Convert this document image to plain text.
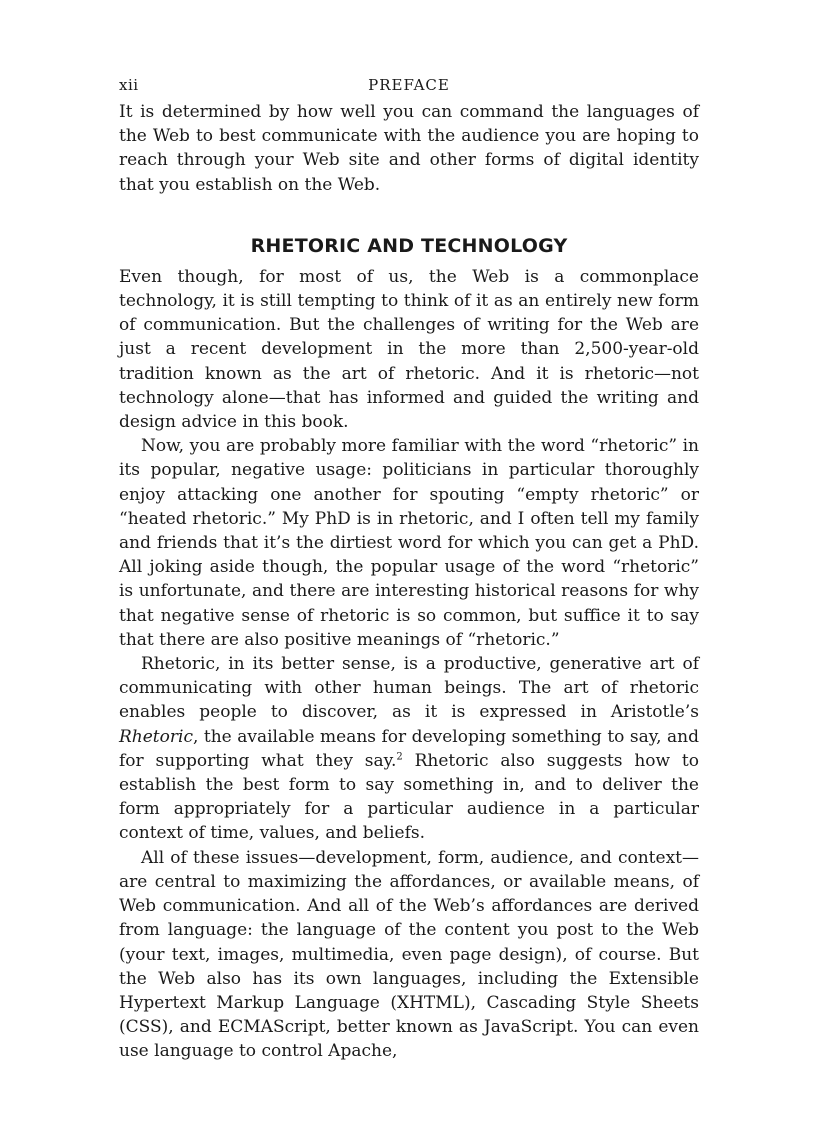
xii	PREFACE

It is determined by how well you can command the languages of the Web to best communicate with the audience you are hoping to reach through your Web site and other forms of digital identity that you establish on the Web.

RHETORIC AND TECHNOLOGY

Even though, for most of us, the Web is a commonplace technology, it is still tempting to think of it as an entirely new form of communication. But the challenges of writing for the Web are just a recent development in the more than 2,500-year-old tradition known as the art of rhetoric. And it is rhetoric—not technology alone—that has informed and guided the writing and design advice in this book.

Now, you are probably more familiar with the word “rhetoric” in its popular, negative usage: politicians in particular thoroughly enjoy attacking one another for spouting “empty rhetoric” or “heated rhetoric.” My PhD is in rhetoric, and I often tell my family and friends that it’s the dirtiest word for which you can get a PhD. All joking aside though, the popular usage of the word “rhetoric” is unfortunate, and there are interesting historical reasons for why that negative sense of rhetoric is so common, but suffice it to say that there are also positive meanings of “rhetoric.”

Rhetoric, in its better sense, is a productive, generative art of communicating with other human beings. The art of rhetoric enables people to discover, as it is expressed in Aristotle’s Rhetoric, the available means for developing something to say, and for supporting what they say.$^2$ Rhetoric also suggests how to establish the best form to say something in, and to deliver the form appropriately for a particular audience in a particular context of time, values, and beliefs.

All of these issues—development, form, audience, and context—are central to maximizing the affordances, or available means, of Web communication. And all of the Web’s affordances are derived from language: the language of the content you post to the Web (your text, images, multimedia, even page design), of course. But the Web also has its own languages, including the Extensible Hypertext Markup Language (XHTML), Cascading Style Sheets (CSS), and ECMAScript, better known as JavaScript. You can even use language to control Apache,
